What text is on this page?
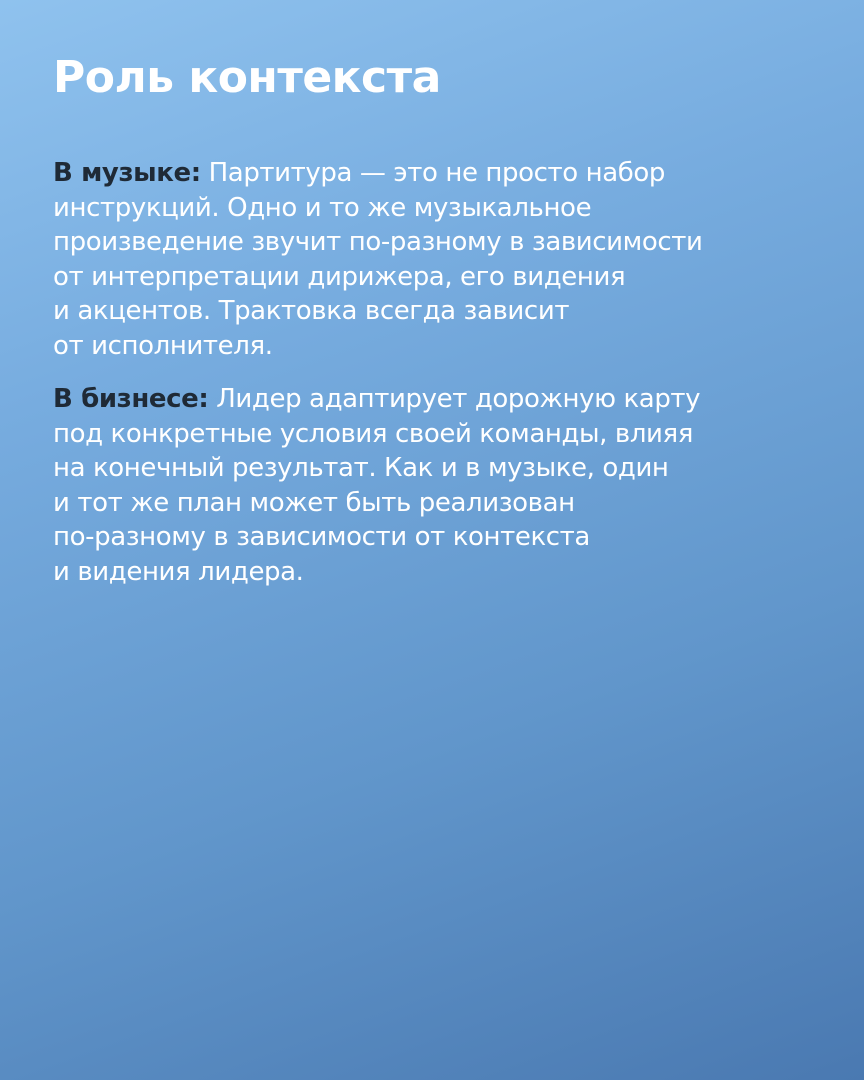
Роль контекста

В музыке: Партитура — это не просто набор
инструкций. Одно и то же музыкальное
произведение звучит по-разному в зависимости
от интерпретации дирижера, его видения
и акцентов. Трактовка всегда зависит
от исполнителя.

В бизнесе: Лидер адаптирует дорожную карту
под конкретные условия своей команды, влияя
на конечный результат. Как и в музыке, один
и тот же план может быть реализован
по-разному в зависимости от контекста
и видения лидера.
